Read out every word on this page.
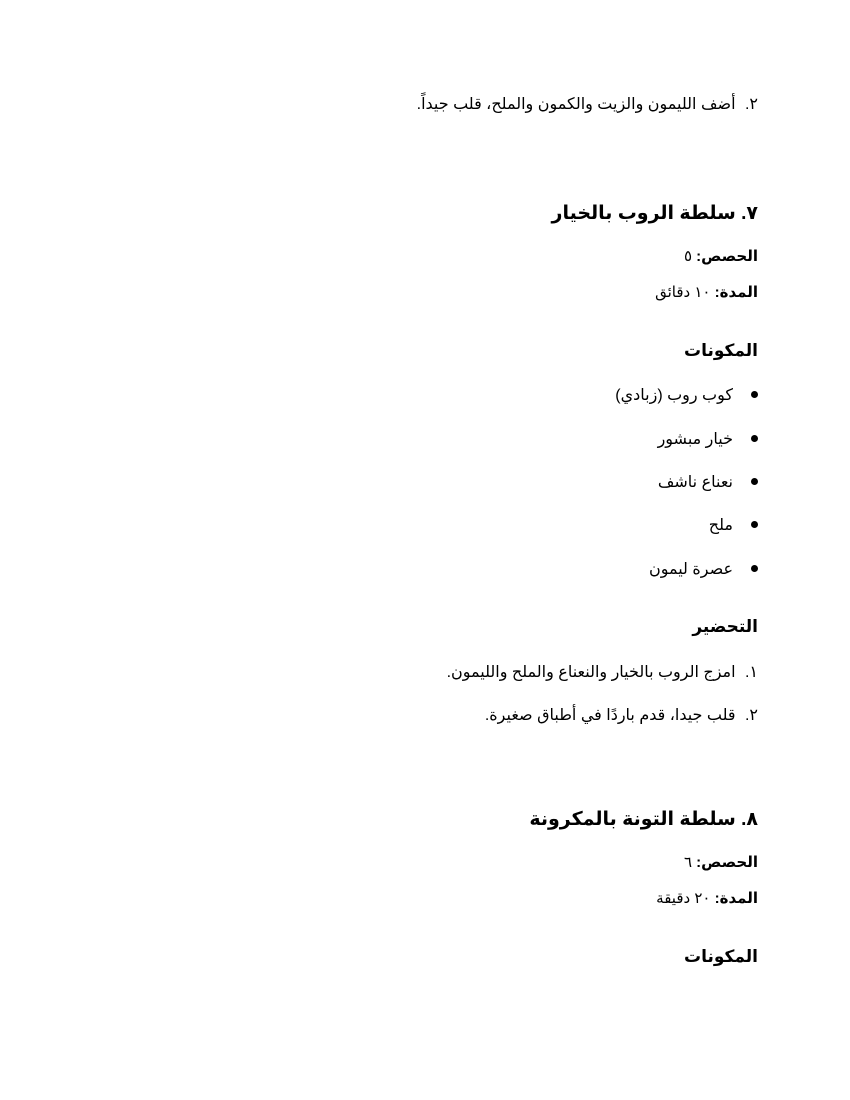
٢. أضف الليمون والزيت والكمون والملح، قلب جيداً.
٧. سلطة الروب بالخيار
الحصص: ٥
المدة: ١٠ دقائق
المكونات
كوب روب (زبادي)
خيار مبشور
نعناع ناشف
ملح
عصرة ليمون
التحضير
١. امزج الروب بالخيار والنعناع والملح والليمون.
٢. قلب جيدا، قدم باردًا في أطباق صغيرة.
٨. سلطة التونة بالمكرونة
الحصص: ٦
المدة: ٢٠ دقيقة
المكونات
